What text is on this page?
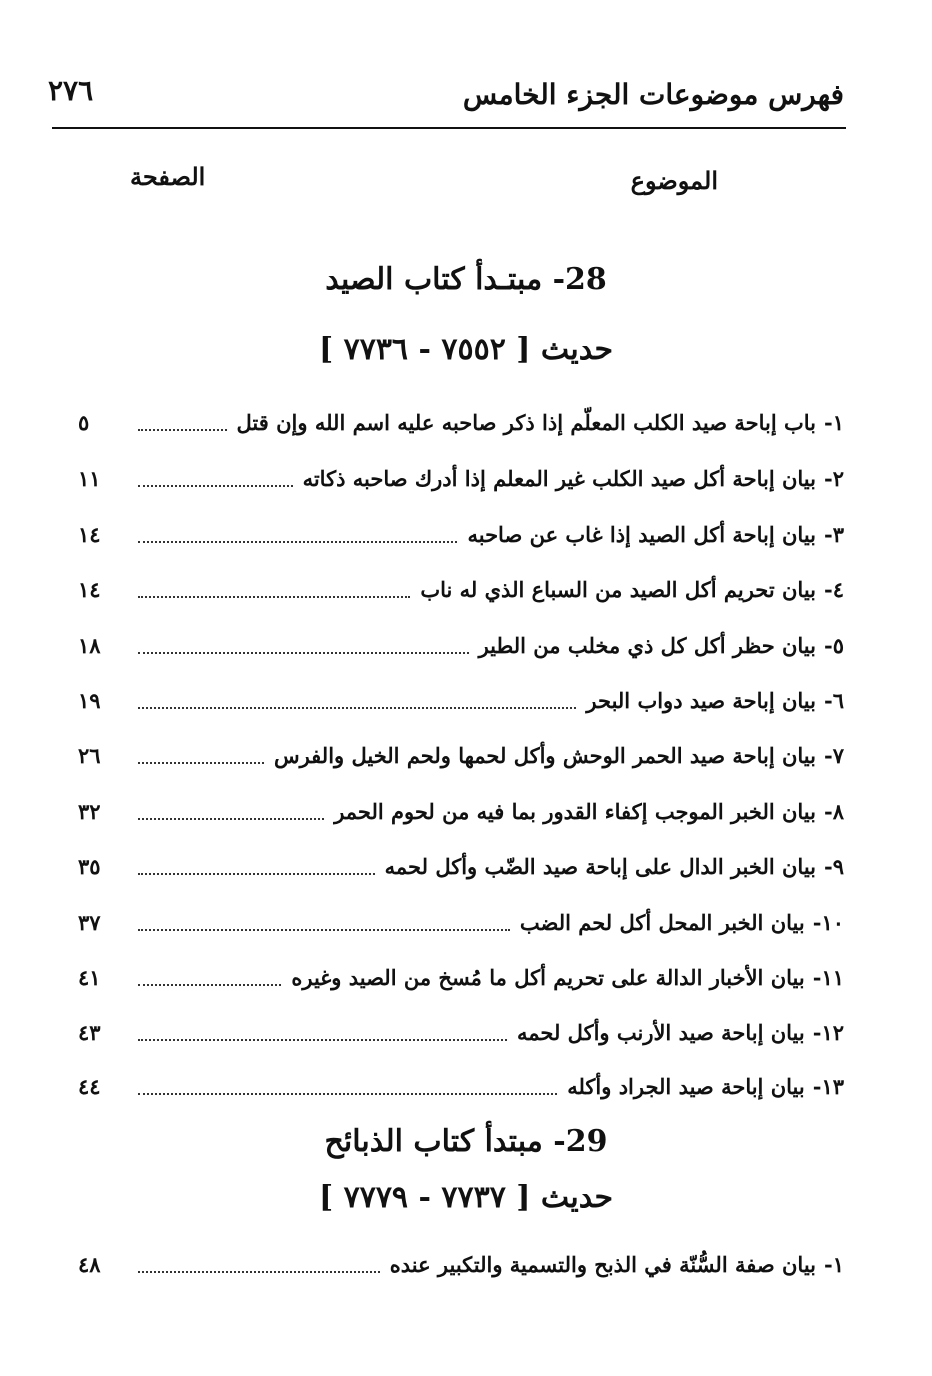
فهرس موضوعات الجزء الخامس
٢٧٦
الموضوع
الصفحة
28- مبتـدأ كتاب الصيد
حديث [ ٧٥٥٢ - ٧٧٣٦ ]
١-
باب إباحة صيد الكلب المعلّم إذا ذكر صاحبه عليه اسم الله وإن قتل
٥
٢-
بيان إباحة أكل صيد الكلب غير المعلم إذا أدرك صاحبه ذكاته
١١
٣-
بيان إباحة أكل الصيد إذا غاب عن صاحبه
١٤
٤-
بيان تحريم أكل الصيد من السباع الذي له ناب
١٤
٥-
بيان حظر أكل كل ذي مخلب من الطير
١٨
٦-
بيان إباحة صيد دواب البحر
١٩
٧-
بيان إباحة صيد الحمر الوحش وأكل لحمها ولحم الخيل والفرس
٢٦
٨-
بيان الخبر الموجب إكفاء القدور بما فيه من لحوم الحمر
٣٢
٩-
بيان الخبر الدال على إباحة صيد الضّب وأكل لحمه
٣٥
١٠-
بيان الخبر المحل أكل لحم الضب
٣٧
١١-
بيان الأخبار الدالة على تحريم أكل ما مُسخ من الصيد وغيره
٤١
١٢-
بيان إباحة صيد الأرنب وأكل لحمه
٤٣
١٣-
بيان إباحة صيد الجراد وأكله
٤٤
29- مبتدأ كتاب الذبائح
حديث [ ٧٧٣٧ - ٧٧٧٩ ]
١-
بيان صفة السُّنّة في الذبح والتسمية والتكبير عنده
٤٨
